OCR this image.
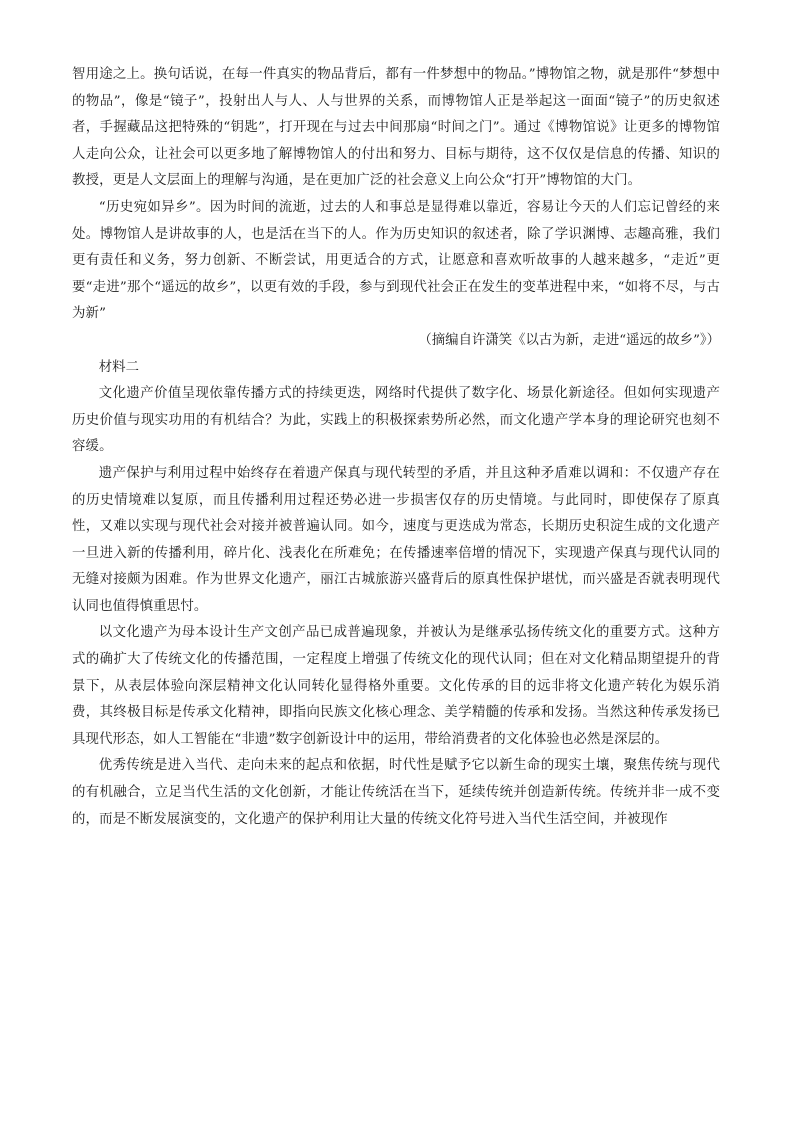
智用途之上。换句话说，在每一件真实的物品背后，都有一件梦想中的物品。”博物馆之物，就是那件“梦想中的物品”，像是“镜子”，投射出人与人、人与世界的关系，而博物馆人正是举起这一面面“镜子”的历史叙述者，手握藏品这把特殊的“钥匙”，打开现在与过去中间那扇“时间之门”。通过《博物馆说》让更多的博物馆人走向公众，让社会可以更多地了解博物馆人的付出和努力、目标与期待，这不仅仅是信息的传播、知识的教授，更是人文层面上的理解与沟通，是在更加广泛的社会意义上向公众“打开”博物馆的大门。

“历史宛如异乡”。因为时间的流逝，过去的人和事总是显得难以靠近，容易让今天的人们忘记曾经的来处。博物馆人是讲故事的人，也是活在当下的人。作为历史知识的叙述者，除了学识渊博、志趣高雅，我们更有责任和义务，努力创新、不断尝试，用更适合的方式，让愿意和喜欢听故事的人越来越多，“走近”更要“走进”那个“遥远的故乡”，以更有效的手段，参与到现代社会正在发生的变革进程中来，“如将不尽，与古为新”

（摘编自许潇笑《以古为新，走进“遥远的故乡”》）

材料二

文化遗产价值呈现依靠传播方式的持续更迭，网络时代提供了数字化、场景化新途径。但如何实现遗产历史价值与现实功用的有机结合？为此，实践上的积极探索势所必然，而文化遗产学本身的理论研究也刻不容缓。

遗产保护与利用过程中始终存在着遗产保真与现代转型的矛盾，并且这种矛盾难以调和：不仅遗产存在的历史情境难以复原，而且传播利用过程还势必进一步损害仅存的历史情境。与此同时，即使保存了原真性，又难以实现与现代社会对接并被普遍认同。如今，速度与更迭成为常态，长期历史积淀生成的文化遗产一旦进入新的传播利用，碎片化、浅表化在所难免；在传播速率倍增的情况下，实现遗产保真与现代认同的无缝对接颇为困难。作为世界文化遗产，丽江古城旅游兴盛背后的原真性保护堪忧，而兴盛是否就表明现代认同也值得慎重思忖。

以文化遗产为母本设计生产文创产品已成普遍现象，并被认为是继承弘扬传统文化的重要方式。这种方式的确扩大了传统文化的传播范围，一定程度上增强了传统文化的现代认同；但在对文化精品期望提升的背景下，从表层体验向深层精神文化认同转化显得格外重要。文化传承的目的远非将文化遗产转化为娱乐消费，其终极目标是传承文化精神，即指向民族文化核心理念、美学精髓的传承和发扬。当然这种传承发扬已具现代形态，如人工智能在“非遗”数字创新设计中的运用，带给消费者的文化体验也必然是深层的。

优秀传统是进入当代、走向未来的起点和依据，时代性是赋予它以新生命的现实土壤，聚焦传统与现代的有机融合，立足当代生活的文化创新，才能让传统活在当下，延续传统并创造新传统。传统并非一成不变的，而是不断发展演变的，文化遗产的保护利用让大量的传统文化符号进入当代生活空间，并被现作
